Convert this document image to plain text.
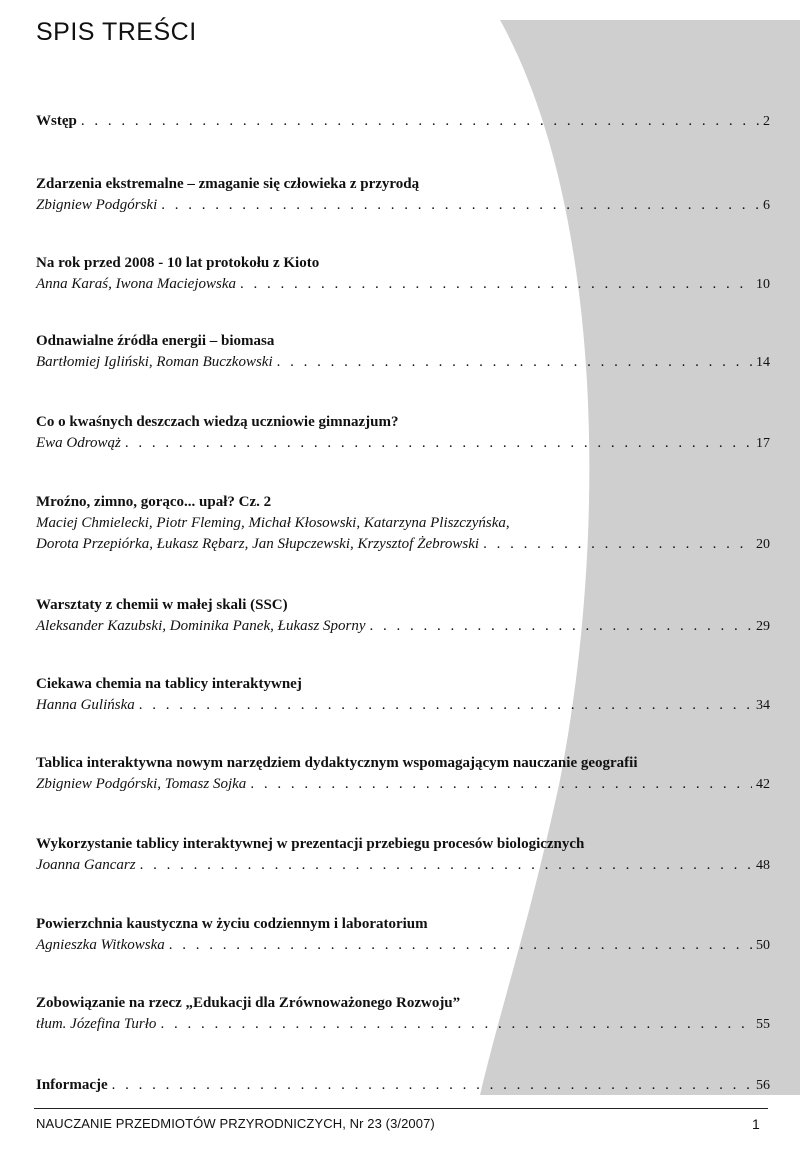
SPIS TREŚCI
Wstęp . . .	2
Zdarzenia ekstremalne – zmaganie się człowieka z przyrodą
Zbigniew Podgórski . . .	6
Na rok przed 2008 - 10 lat protokołu z Kioto
Anna Karaś, Iwona Maciejowska . . .	10
Odnawialne źródła energii – biomasa
Bartłomiej Igliński, Roman Buczkowski . . .	14
Co o kwaśnych deszczach wiedzą uczniowie gimnazjum?
Ewa Odrowąż . . .	17
Mroźno, zimno, gorąco... upał? Cz. 2
Maciej Chmielecki, Piotr Fleming, Michał Kłosowski, Katarzyna Pliszczyńska,
Dorota Przepiórka, Łukasz Rębarz, Jan Słupczewski, Krzysztof Żebrowski . . .	20
Warsztaty z chemii w małej skali (SSC)
Aleksander Kazubski, Dominika Panek, Łukasz Sporny . . .	29
Ciekawa chemia na tablicy interaktywnej
Hanna Gulińska . . .	34
Tablica interaktywna nowym narzędziem dydaktycznym wspomagającym nauczanie geografii
Zbigniew Podgórski, Tomasz Sojka . . .	42
Wykorzystanie tablicy interaktywnej w prezentacji przebiegu procesów biologicznych
Joanna Gancarz . . .	48
Powierzchnia kaustyczna w życiu codziennym i laboratorium
Agnieszka Witkowska . . .	50
Zobowiązanie na rzecz „Edukacji dla Zrównoważonego Rozwoju”
tłum. Józefina Turło . . .	55
Informacje . . .	56
NAUCZANIE PRZEDMIOTÓW PRZYRODNICZYCH, Nr 23 (3/2007)	1
